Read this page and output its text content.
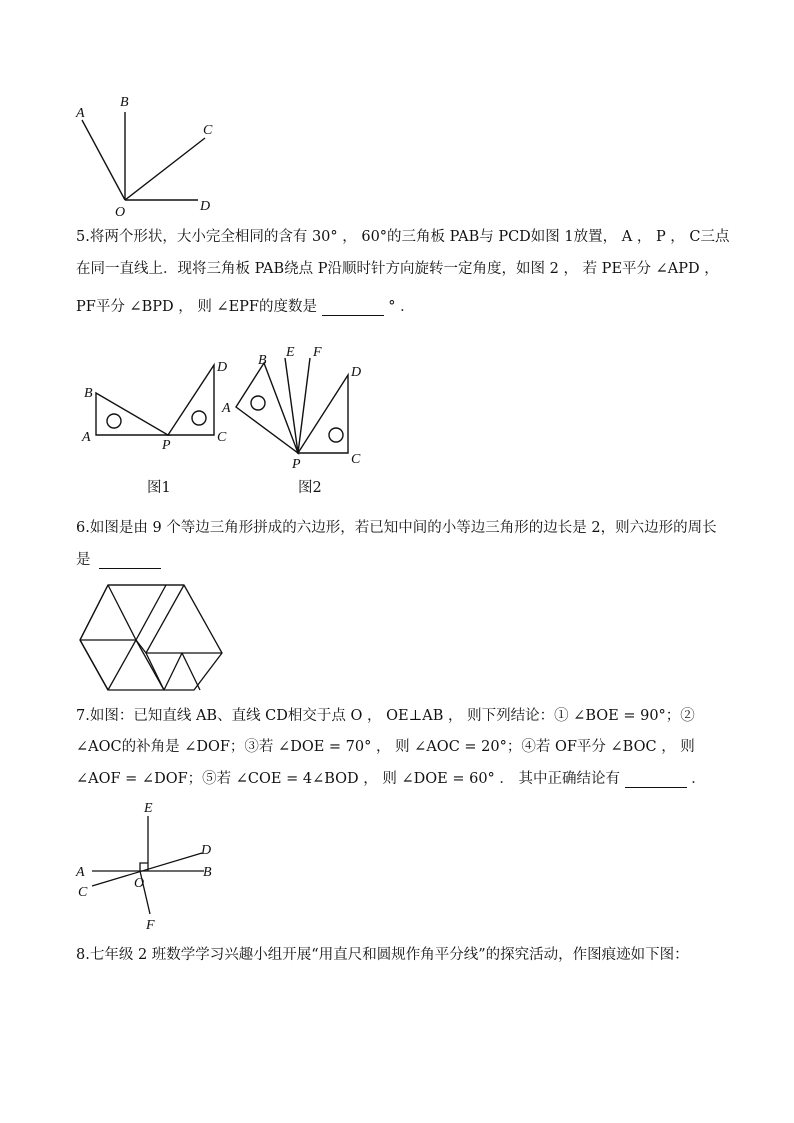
A
B
C
D
O
5.将两个形状，大小完全相同的含有 30° ， 60°的三角板 PAB与 PCD如图 1放置， A ， P ， C三点
在同一直线上．现将三角板 PAB绕点 P沿顺时针方向旋转一定角度，如图 2 ， 若 PE平分 ∠APD ，
PF平分 ∠BPD ， 则 ∠EPF的度数是	° ．
B
A
P
C
D
图1
B
E F
D
A
C
P
图2
6.如图是由 9 个等边三角形拼成的六边形，若已知中间的小等边三角形的边长是 2，则六边形的周长
是
7.如图：已知直线 AB、直线 CD相交于点 O ， OE⊥AB ， 则下列结论：① ∠BOE = 90°；②
∠AOC的补角是 ∠DOF；③若 ∠DOE = 70° ， 则 ∠AOC = 20°；④若 OF平分 ∠BOC ， 则
∠AOF = ∠DOF；⑤若 ∠COE = 4∠BOD ， 则 ∠DOE = 60° ． 其中正确结论有	．
E
A	B
C
D
O
F
8.七年级 2 班数学学习兴趣小组开展“用直尺和圆规作角平分线”的探究活动，作图痕迹如下图：
